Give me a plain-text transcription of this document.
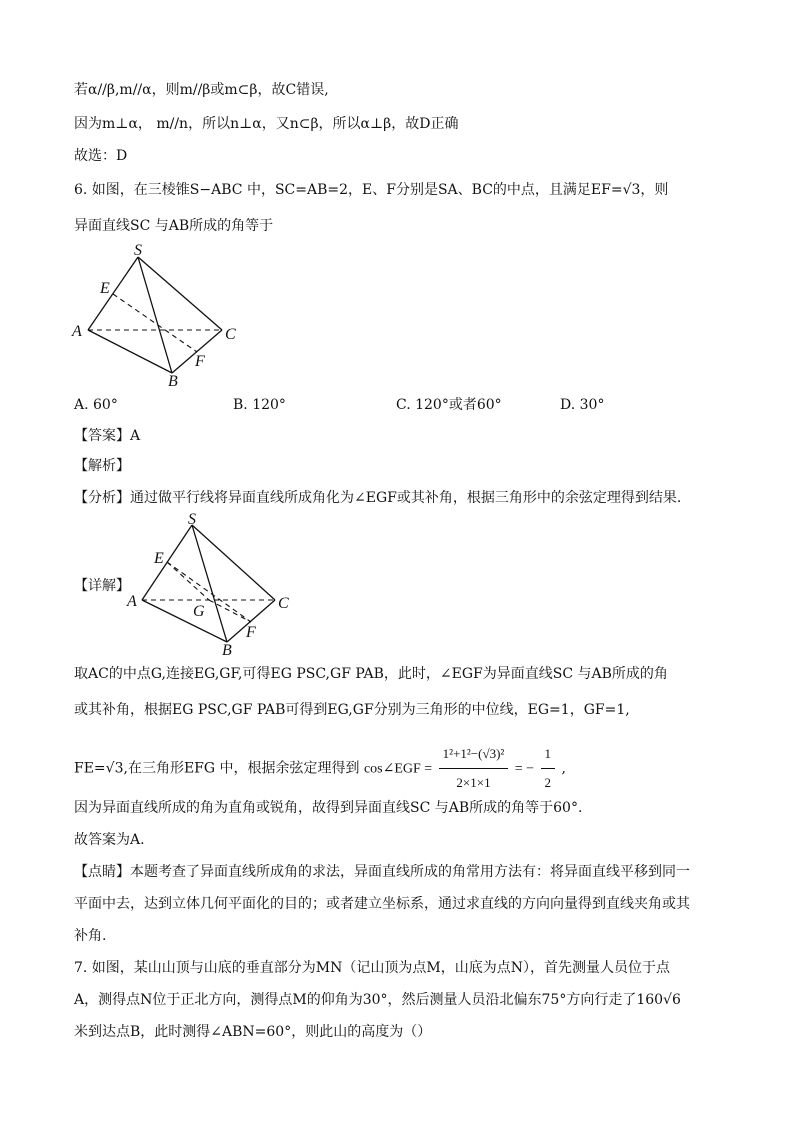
若α//β,m//α，则m//β或m⊂β，故C错误,
因为m⊥α， m//n，所以n⊥α，又n⊂β，所以α⊥β，故D正确
故选：D
6. 如图，在三棱锥S−ABC 中，SC=AB=2，E、F分别是SA、BC的中点，且满足EF=√3，则
异面直线SC 与AB所成的角等于
S
E
A	C
F
B
A. 60°	B. 120°	C. 120°或者60°	D. 30°
【答案】A
【解析】
【分析】通过做平行线将异面直线所成角化为∠EGF或其补角，根据三角形中的余弦定理得到结果.
【详解】
S
E
A	C
G
F
B
取AC的中点G,连接EG,GF,可得EG PSC,GF PAB，此时，∠EGF为异面直线SC 与AB所成的角
或其补角，根据EG PSC,GF PAB可得到EG,GF分别为三角形的中位线，EG=1，GF=1,
FE=√3,在三角形EFG 中，根据余弦定理得到 cos∠EGF = $\frac{\text{1²+1²−(√3)²}}{2\times 1\times 1}$ = − $\frac{1}{2}$ ,
因为异面直线所成的角为直角或锐角，故得到异面直线SC 与AB所成的角等于60°.
故答案为A.
【点睛】本题考查了异面直线所成角的求法，异面直线所成的角常用方法有：将异面直线平移到同一
平面中去，达到立体几何平面化的目的；或者建立坐标系，通过求直线的方向向量得到直线夹角或其
补角.
7. 如图，某山山顶与山底的垂直部分为MN（记山顶为点M，山底为点N），首先测量人员位于点
A，测得点N位于正北方向，测得点M的仰角为30°，然后测量人员沿北偏东75°方向行走了160√6
米到达点B，此时测得∠ABN=60°，则此山的高度为（）
